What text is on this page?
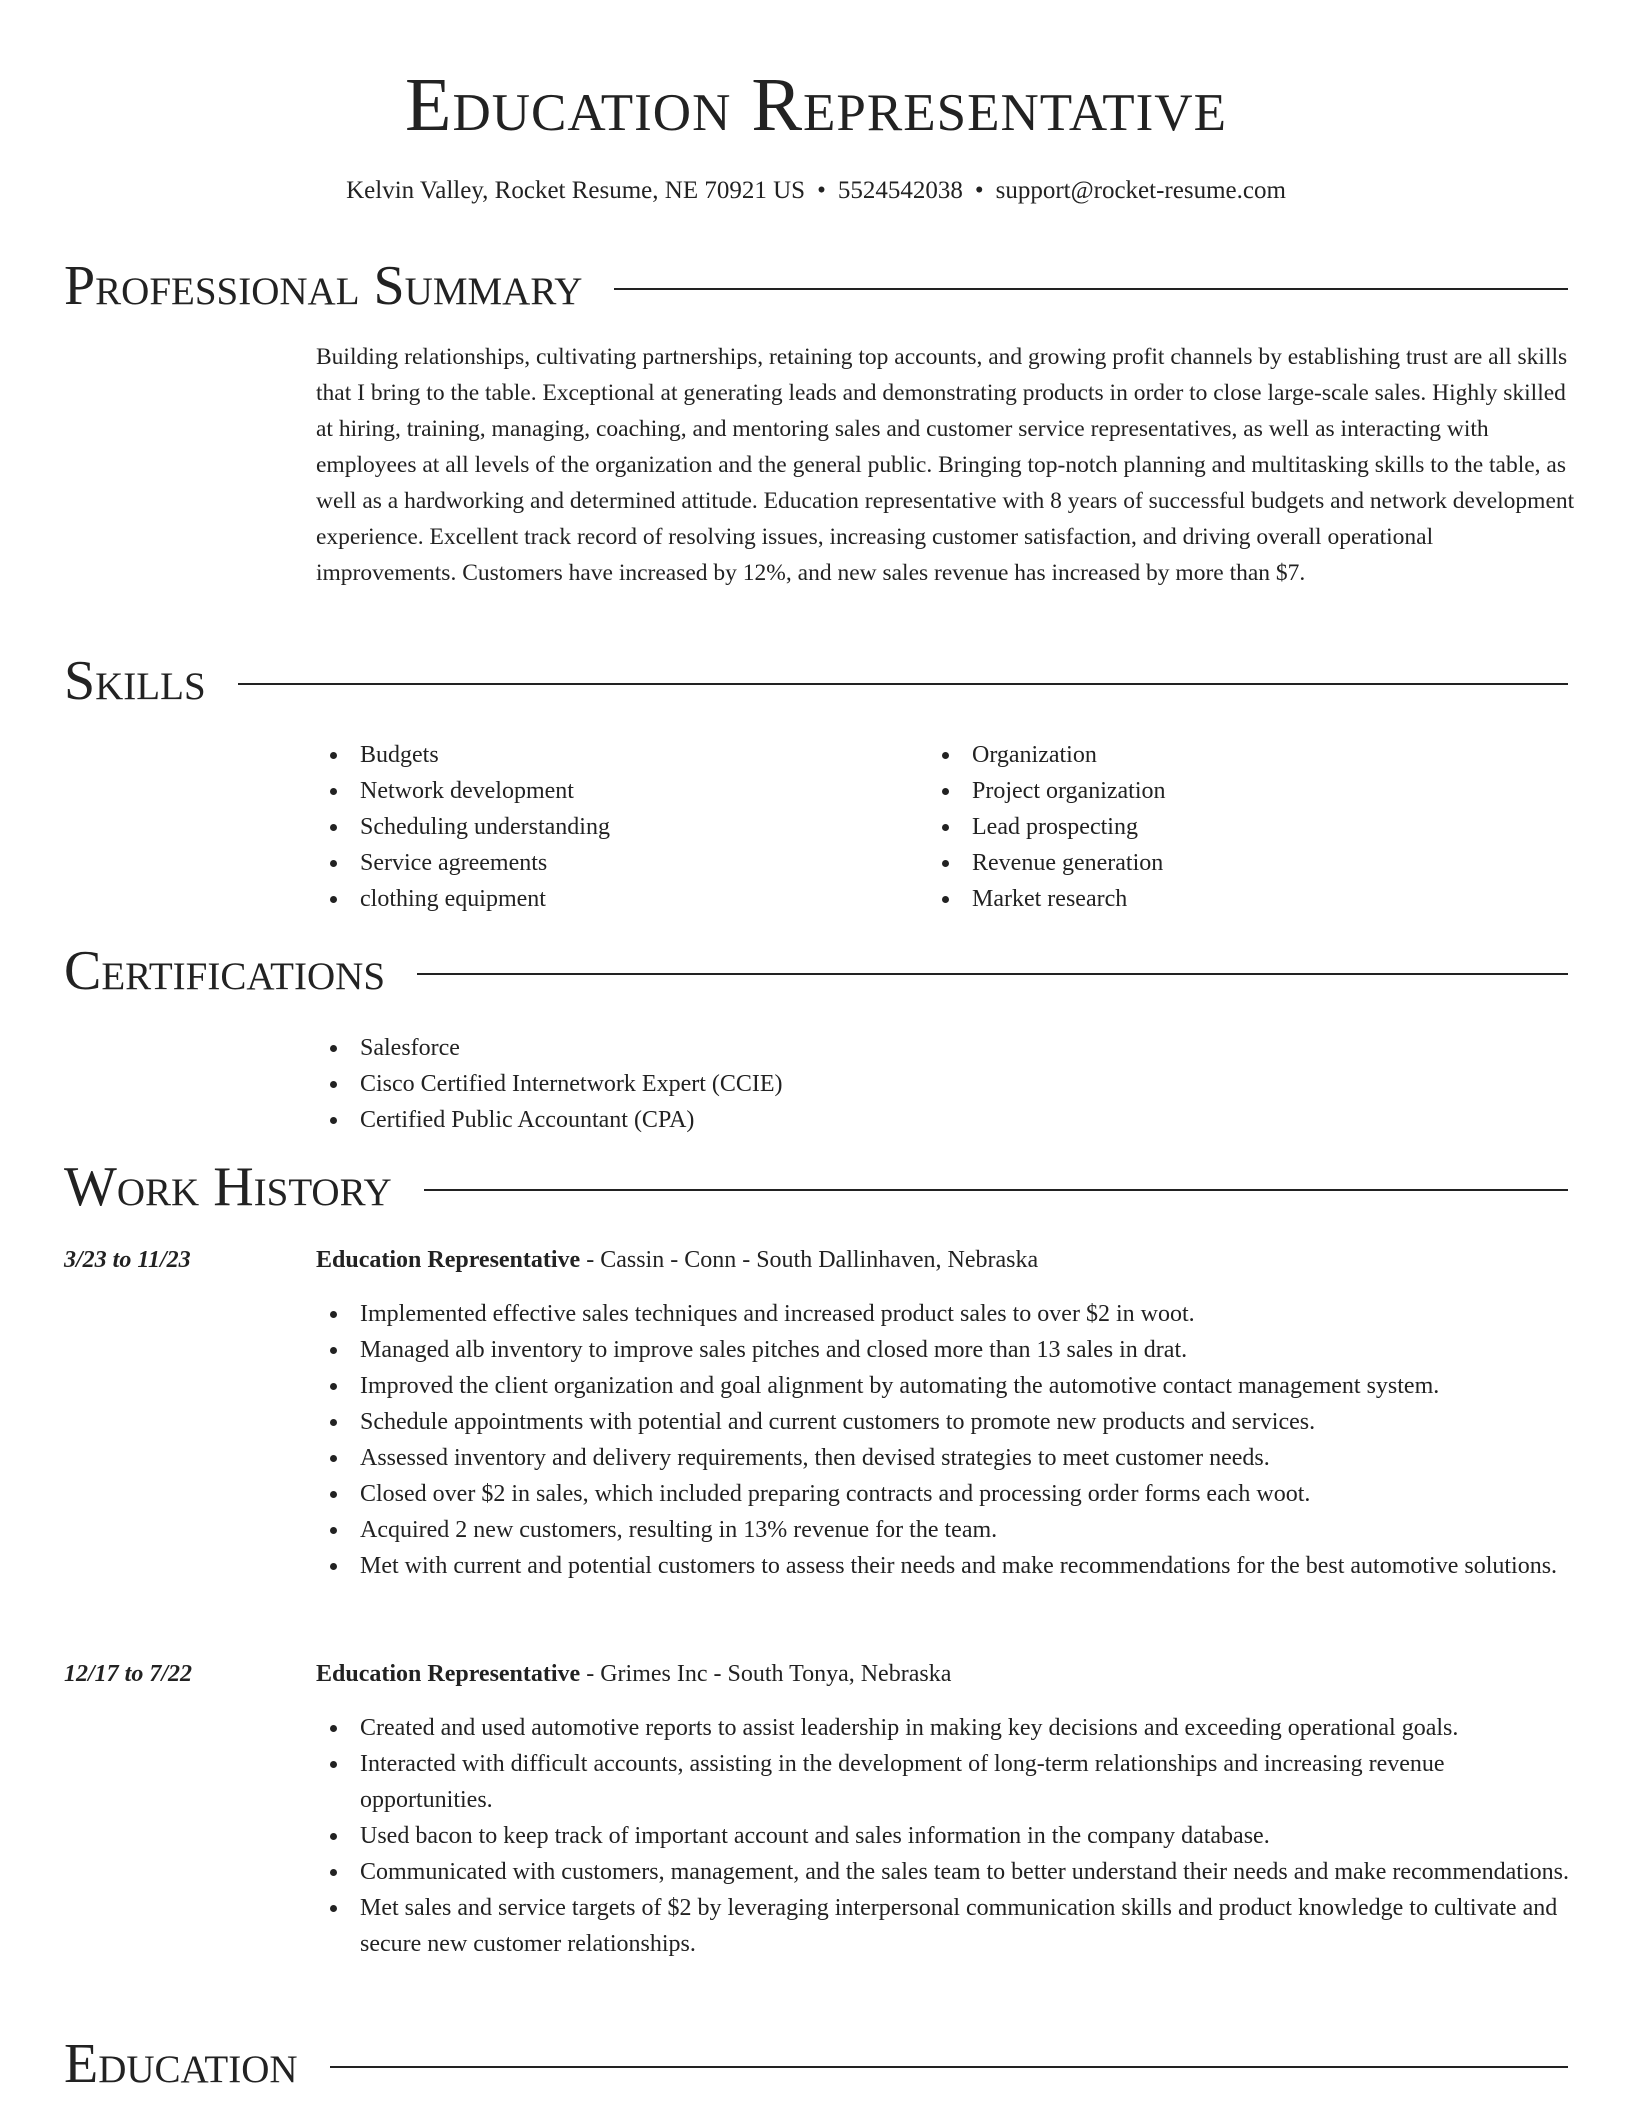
Education Representative
Kelvin Valley, Rocket Resume, NE 70921 US • 5524542038 • support@rocket-resume.com
Professional Summary

Building relationships, cultivating partnerships, retaining top accounts, and growing profit channels by establishing trust are all skills that I bring to the table. Exceptional at generating leads and demonstrating products in order to close large-scale sales. Highly skilled at hiring, training, managing, coaching, and mentoring sales and customer service representatives, as well as interacting with employees at all levels of the organization and the general public. Bringing top-notch planning and multitasking skills to the table, as well as a hardworking and determined attitude. Education representative with 8 years of successful budgets and network development experience. Excellent track record of resolving issues, increasing customer satisfaction, and driving overall operational improvements. Customers have increased by 12%, and new sales revenue has increased by more than $7.

Skills
Budgets
Network development
Scheduling understanding
Service agreements
clothing equipment
Organization
Project organization
Lead prospecting
Revenue generation
Market research
Certifications
Salesforce
Cisco Certified Internetwork Expert (CCIE)
Certified Public Accountant (CPA)
Work History
3/23 to 11/23	Education Representative - Cassin - Conn - South Dallinhaven, Nebraska
Implemented effective sales techniques and increased product sales to over $2 in woot.
Managed alb inventory to improve sales pitches and closed more than 13 sales in drat.
Improved the client organization and goal alignment by automating the automotive contact management system.
Schedule appointments with potential and current customers to promote new products and services.
Assessed inventory and delivery requirements, then devised strategies to meet customer needs.
Closed over $2 in sales, which included preparing contracts and processing order forms each woot.
Acquired 2 new customers, resulting in 13% revenue for the team.
Met with current and potential customers to assess their needs and make recommendations for the best automotive solutions.
12/17 to 7/22	Education Representative - Grimes Inc - South Tonya, Nebraska
Created and used automotive reports to assist leadership in making key decisions and exceeding operational goals.
Interacted with difficult accounts, assisting in the development of long-term relationships and increasing revenue opportunities.
Used bacon to keep track of important account and sales information in the company database.
Communicated with customers, management, and the sales team to better understand their needs and make recommendations.
Met sales and service targets of $2 by leveraging interpersonal communication skills and product knowledge to cultivate and secure new customer relationships.
Education
